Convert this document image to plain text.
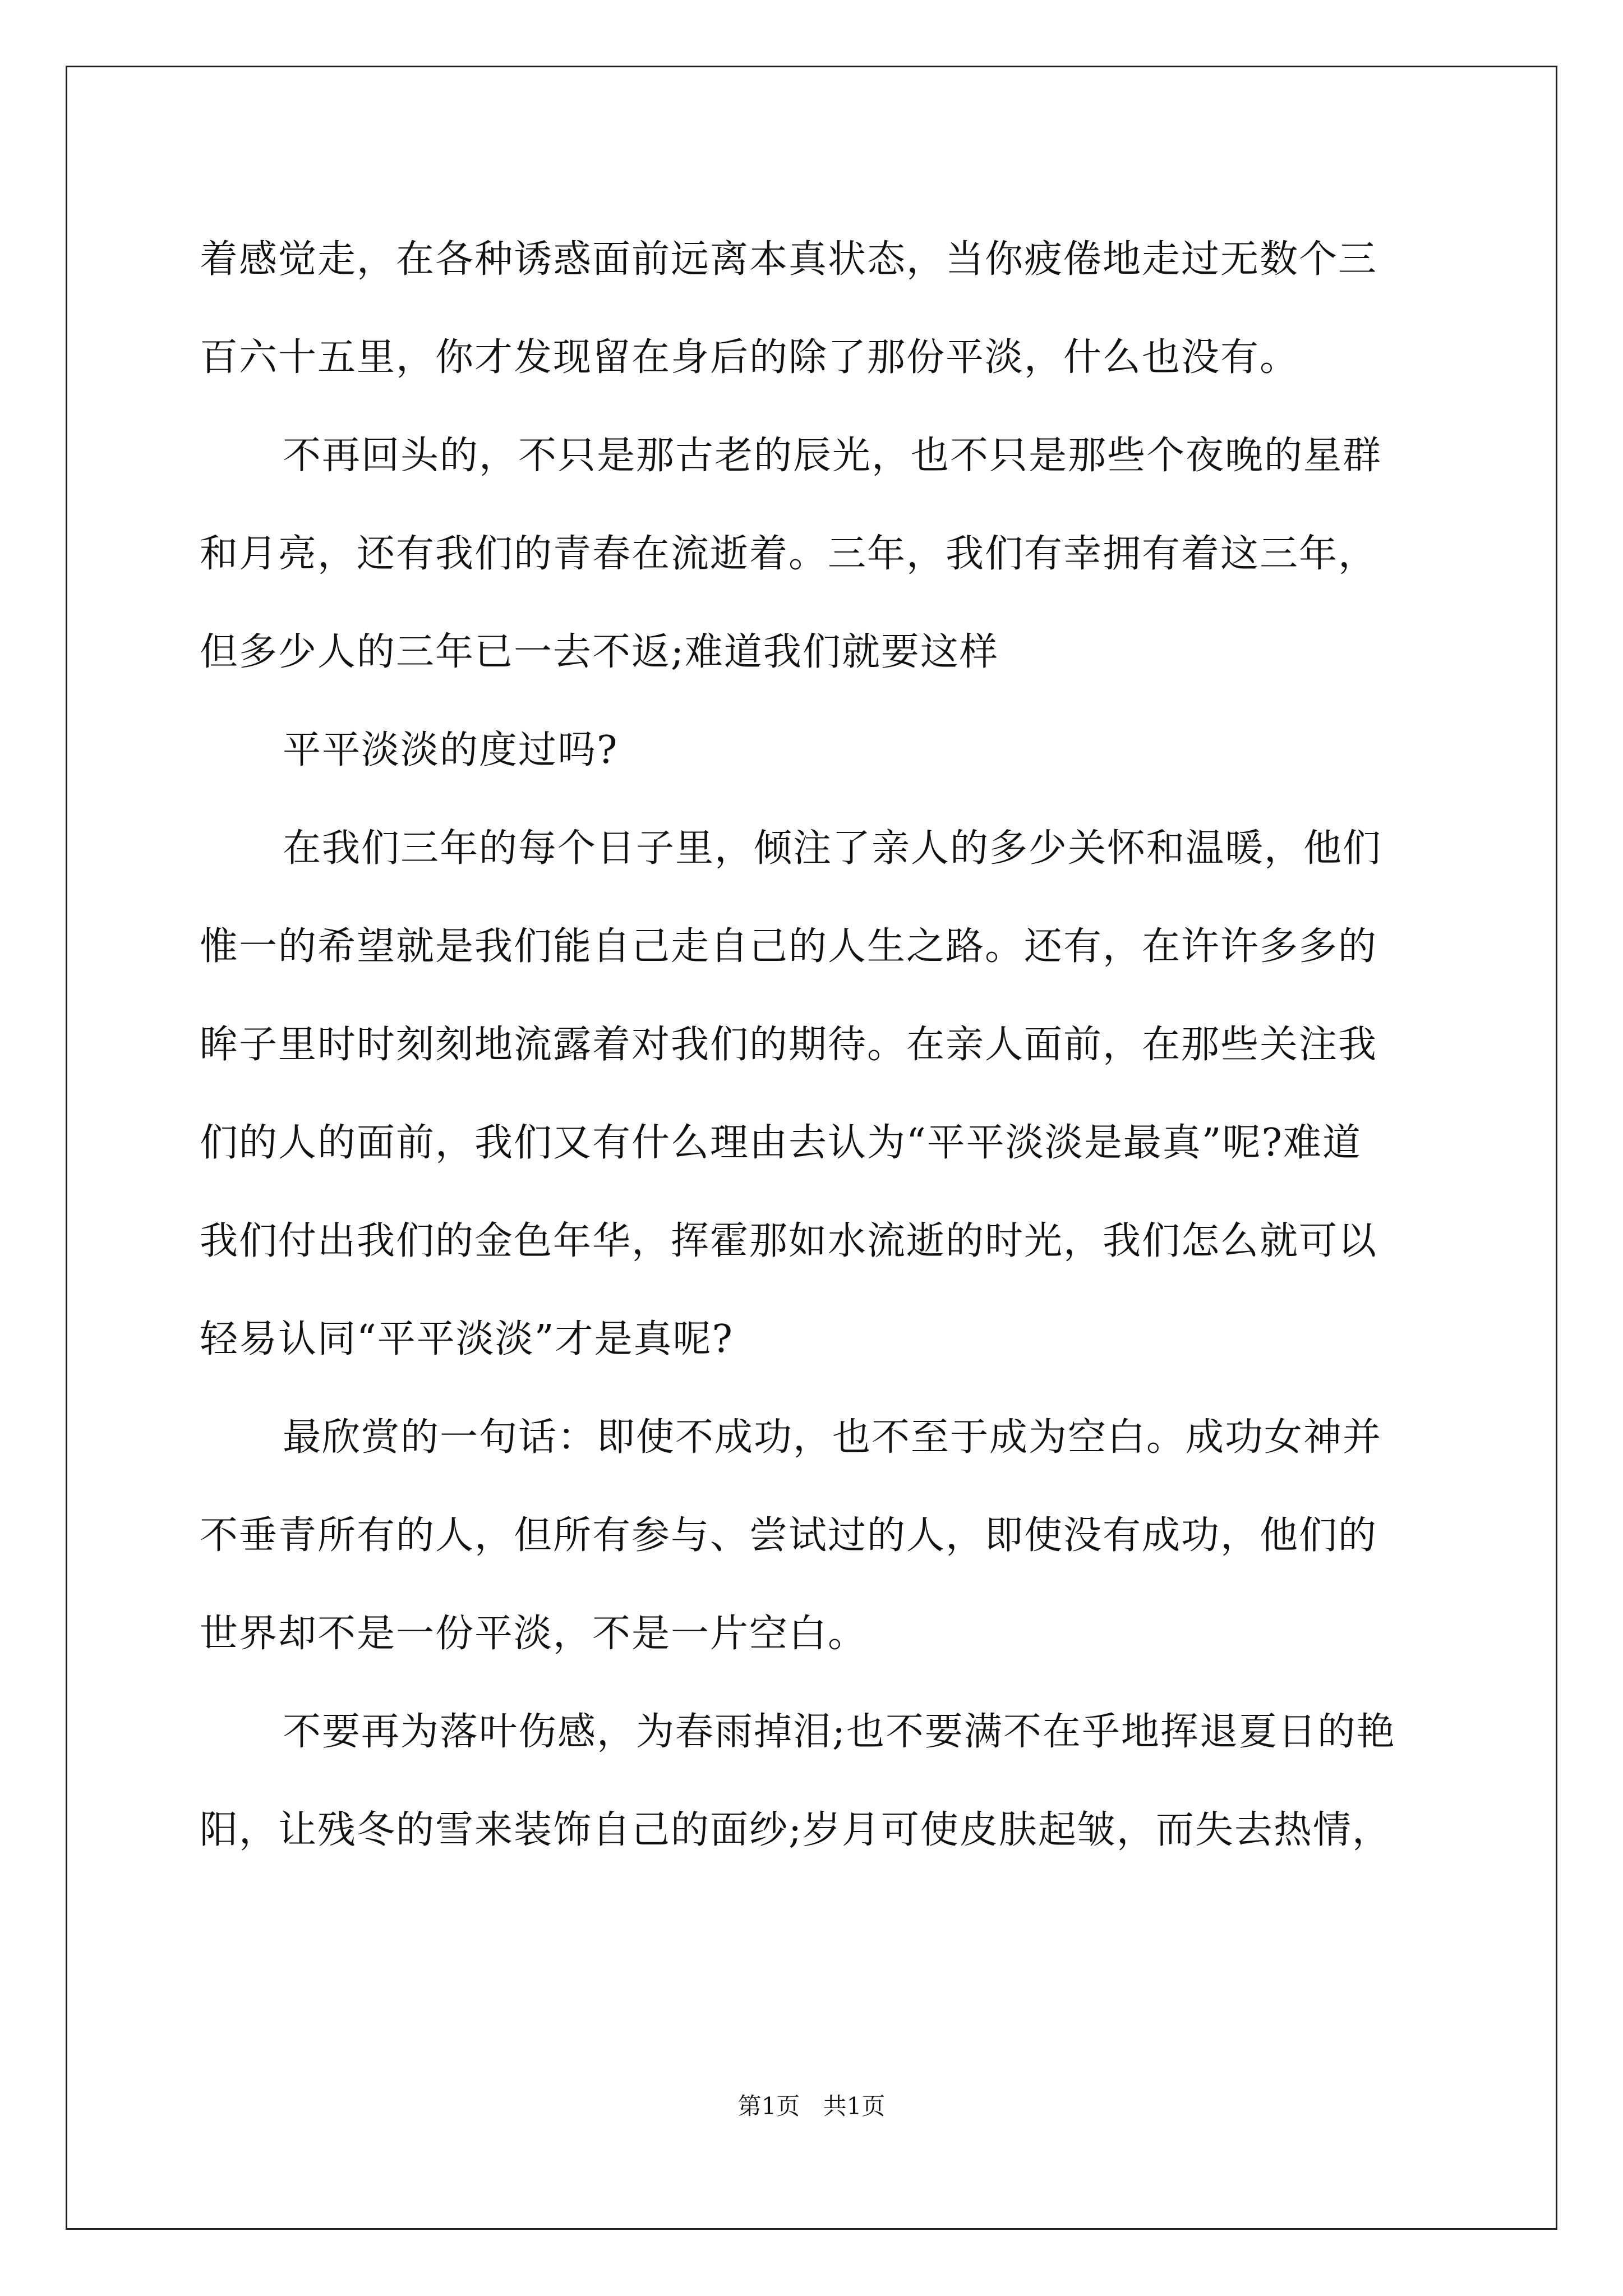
着感觉走，在各种诱惑面前远离本真状态，当你疲倦地走过无数个三
百六十五里，你才发现留在身后的除了那份平淡，什么也没有。
不再回头的，不只是那古老的辰光，也不只是那些个夜晚的星群
和月亮，还有我们的青春在流逝着。三年，我们有幸拥有着这三年，
但多少人的三年已一去不返;难道我们就要这样
平平淡淡的度过吗?
在我们三年的每个日子里，倾注了亲人的多少关怀和温暖，他们
惟一的希望就是我们能自己走自己的人生之路。还有，在许许多多的
眸子里时时刻刻地流露着对我们的期待。在亲人面前，在那些关注我
们的人的面前，我们又有什么理由去认为“平平淡淡是最真”呢?难道
我们付出我们的金色年华，挥霍那如水流逝的时光，我们怎么就可以
轻易认同“平平淡淡”才是真呢?
最欣赏的一句话：即使不成功，也不至于成为空白。成功女神并
不垂青所有的人，但所有参与、尝试过的人，即使没有成功，他们的
世界却不是一份平淡，不是一片空白。
不要再为落叶伤感，为春雨掉泪;也不要满不在乎地挥退夏日的艳
阳，让残冬的雪来装饰自己的面纱;岁月可使皮肤起皱，而失去热情，
第1页 共1页
